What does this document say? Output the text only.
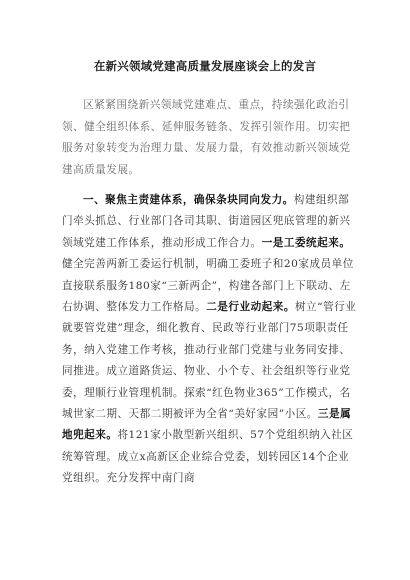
在新兴领域党建高质量发展座谈会上的发言

区紧紧围绕新兴领域党建难点、重点，持续强化政治引领、健全组织体系、延伸服务链条、发挥引领作用。切实把服务对象转变为治理力量、发展力量，有效推动新兴领域党建高质量发展。

一、聚焦主责建体系，确保条块同向发力。构建组织部门牵头抓总、行业部门各司其职、街道园区兜底管理的新兴领域党建工作体系，推动形成工作合力。一是工委统起来。健全完善两新工委运行机制，明确工委班子和20家成员单位直接联系服务180家“三新两企”，构建各部门上下联动、左右协调、整体发力工作格局。二是行业动起来。树立“管行业就要管党建”理念，细化教育、民政等行业部门75项职责任务，纳入党建工作考核，推动行业部门党建与业务同安排、同推进。成立道路货运、物业、小个专、社会组织等行业党委，理顺行业管理机制。探索“红色物业365”工作模式，名城世家二期、天都二期被评为全省“美好家园”小区。三是属地兜起来。将121家小散型新兴组织、57个党组织纳入社区统筹管理。成立x高新区企业综合党委，划转园区14个企业党组织。充分发挥中南门商
